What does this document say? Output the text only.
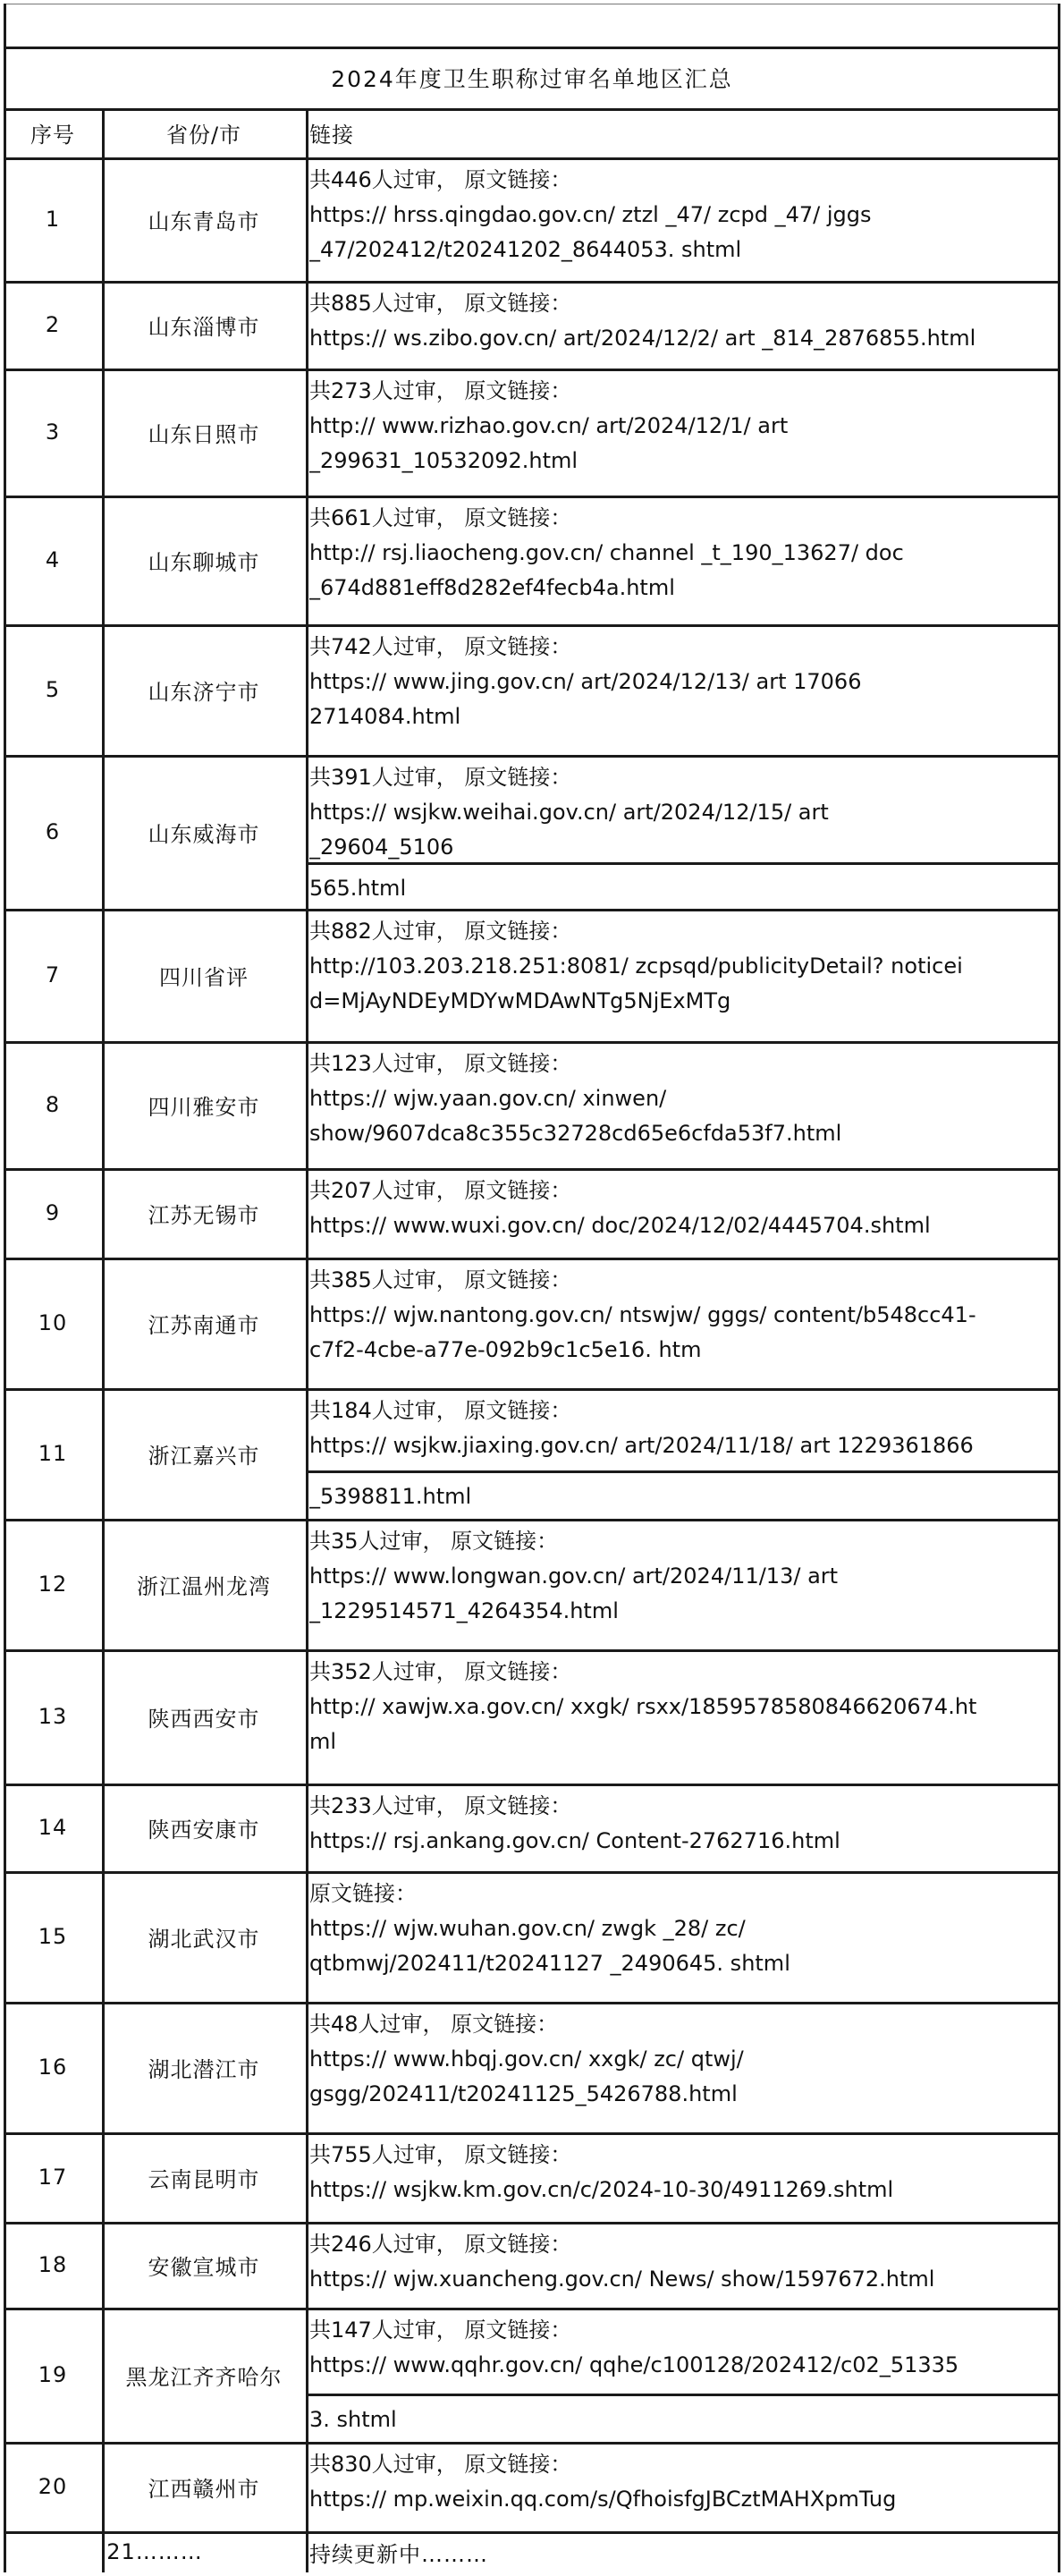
2024年度卫生职称过审名单地区汇总
序号	省份/市	链接
1	山东青岛市
共446人过审， 原文链接：
https:// hrss.qingdao.gov.cn/ ztzl _47/ zcpd _47/ jggs
_47/202412/t20241202_8644053. shtml
2	山东淄博市
共885人过审， 原文链接：
https:// ws.zibo.gov.cn/ art/2024/12/2/ art _814_2876855.html
3	山东日照市
共273人过审， 原文链接：
http:// www.rizhao.gov.cn/ art/2024/12/1/ art
_299631_10532092.html
4	山东聊城市
共661人过审， 原文链接：
http:// rsj.liaocheng.gov.cn/ channel _t_190_13627/ doc
_674d881eff8d282ef4fecb4a.html
5	山东济宁市
共742人过审， 原文链接：
https:// www.jing.gov.cn/ art/2024/12/13/ art 17066
2714084.html
6	山东威海市
共391人过审， 原文链接：
https:// wsjkw.weihai.gov.cn/ art/2024/12/15/ art
_29604_5106
565.html
7	四川省评
共882人过审， 原文链接：
http://103.203.218.251:8081/ zcpsqd/publicityDetail? noticei
d=MjAyNDEyMDYwMDAwNTg5NjExMTg
8	四川雅安市
共123人过审， 原文链接：
https:// wjw.yaan.gov.cn/ xinwen/
show/9607dca8c355c32728cd65e6cfda53f7.html
9	江苏无锡市
共207人过审， 原文链接：
https:// www.wuxi.gov.cn/ doc/2024/12/02/4445704.shtml
10	江苏南通市
共385人过审， 原文链接：
https:// wjw.nantong.gov.cn/ ntswjw/ gggs/ content/b548cc41-
c7f2-4cbe-a77e-092b9c1c5e16. htm
11	浙江嘉兴市
共184人过审， 原文链接：
https:// wsjkw.jiaxing.gov.cn/ art/2024/11/18/ art 1229361866
_5398811.html
12	浙江温州龙湾
共35人过审， 原文链接：
https:// www.longwan.gov.cn/ art/2024/11/13/ art
_1229514571_4264354.html
13	陕西西安市
共352人过审， 原文链接：
http:// xawjw.xa.gov.cn/ xxgk/ rsxx/1859578580846620674.ht
ml
14	陕西安康市
共233人过审， 原文链接：
https:// rsj.ankang.gov.cn/ Content-2762716.html
15	湖北武汉市
原文链接：
https:// wjw.wuhan.gov.cn/ zwgk _28/ zc/
qtbmwj/202411/t20241127 _2490645. shtml
16	湖北潜江市
共48人过审， 原文链接：
https:// www.hbqj.gov.cn/ xxgk/ zc/ qtwj/
gsgg/202411/t20241125_5426788.html
17	云南昆明市
共755人过审， 原文链接：
https:// wsjkw.km.gov.cn/c/2024-10-30/4911269.shtml
18	安徽宣城市
共246人过审， 原文链接：
https:// wjw.xuancheng.gov.cn/ News/ show/1597672.html
19	黑龙江齐齐哈尔
共147人过审， 原文链接：
https:// www.qqhr.gov.cn/ qqhe/c100128/202412/c02_51335
3. shtml
20	江西赣州市
共830人过审， 原文链接：
https:// mp.weixin.qq.com/s/QfhoisfgJBCztMAHXpmTug
21………	持续更新中………
